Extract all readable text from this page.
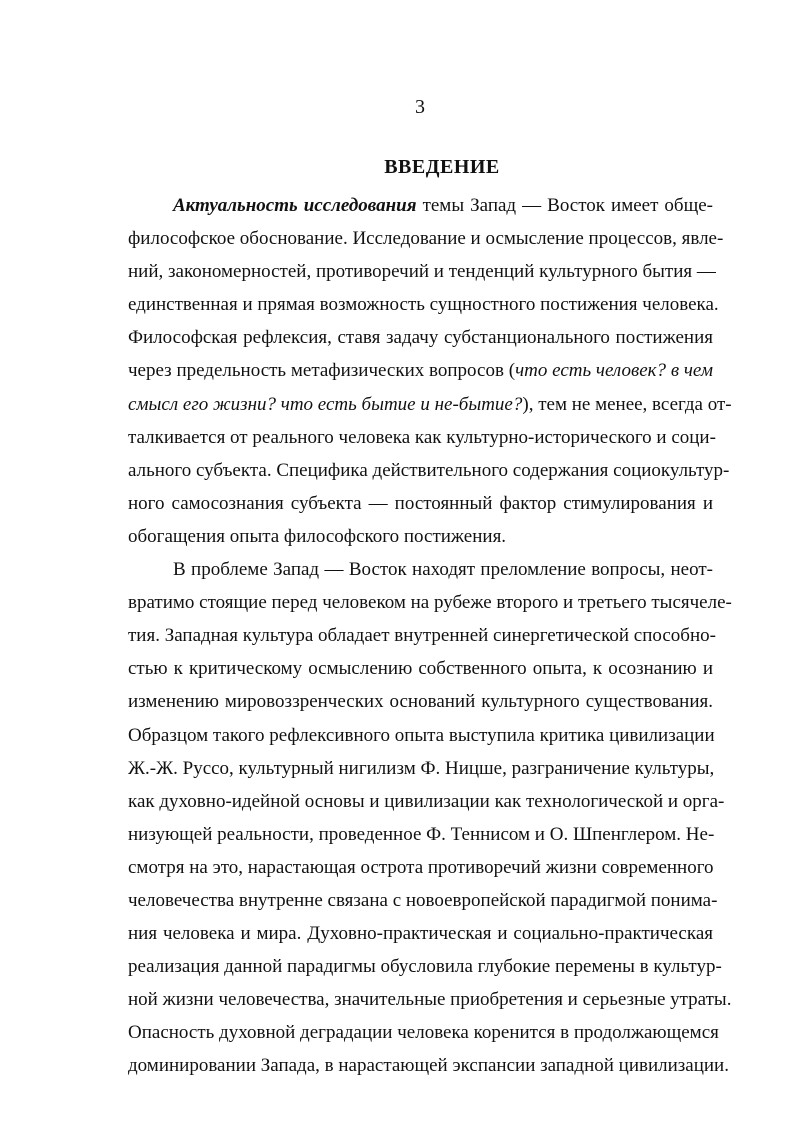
3
ВВЕДЕНИЕ
Актуальность исследования темы Запад — Восток имеет обще-
философское обоснование. Исследование и осмысление процессов, явле-
ний, закономерностей, противоречий и тенденций культурного бытия —
единственная и прямая возможность сущностного постижения человека.
Философская рефлексия, ставя задачу субстанционального постижения
через предельность метафизических вопросов (что есть человек? в чем
смысл его жизни? что есть бытие и не-бытие?), тем не менее, всегда от-
талкивается от реального человека как культурно-исторического и соци-
ального субъекта. Специфика действительного содержания социокультур-
ного самосознания субъекта — постоянный фактор стимулирования и
обогащения опыта философского постижения.
В проблеме Запад — Восток находят преломление вопросы, неот-
вратимо стоящие перед человеком на рубеже второго и третьего тысячеле-
тия. Западная культура обладает внутренней синергетической способно-
стью к критическому осмыслению собственного опыта, к осознанию и
изменению мировоззренческих оснований культурного существования.
Образцом такого рефлексивного опыта выступила критика цивилизации
Ж.-Ж. Руссо, культурный нигилизм Ф. Ницше, разграничение культуры,
как духовно-идейной основы и цивилизации как технологической и орга-
низующей реальности, проведенное Ф. Теннисом и О. Шпенглером. Не-
смотря на это, нарастающая острота противоречий жизни современного
человечества внутренне связана с новоевропейской парадигмой понима-
ния человека и мира. Духовно-практическая и социально-практическая
реализация данной парадигмы обусловила глубокие перемены в культур-
ной жизни человечества, значительные приобретения и серьезные утраты.
Опасность духовной деградации человека коренится в продолжающемся
доминировании Запада, в нарастающей экспансии западной цивилизации.
